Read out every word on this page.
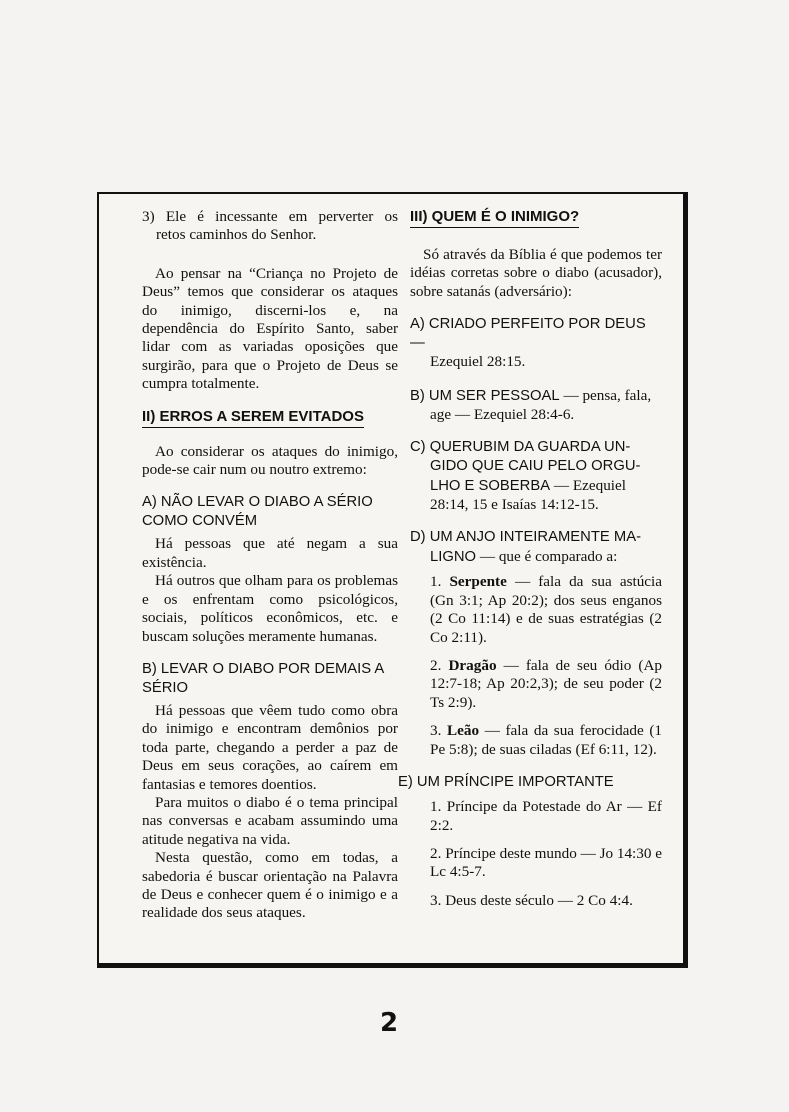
3) Ele é incessante em perverter os

retos caminhos do Senhor.

Ao pensar na “Criança no Projeto de Deus” temos que considerar os ataques do inimigo, discerni-los e, na dependência do Espírito Santo, saber lidar com as variadas oposições que surgirão, para que o Projeto de Deus se cumpra totalmente.

II) ERROS A SEREM EVITADOS

Ao considerar os ataques do inimigo, pode-se cair num ou noutro extremo:

A) NÃO LEVAR O DIABO A SÉRIO

COMO CONVÉM

Há pessoas que até negam a sua existência.

Há outros que olham para os problemas e os enfrentam como psicológicos, sociais, políticos econômicos, etc. e buscam soluções meramente humanas.

B) LEVAR O DIABO POR DEMAIS A

SÉRIO

Há pessoas que vêem tudo como obra do inimigo e encontram demônios por toda parte, chegando a perder a paz de Deus em seus corações, ao caírem em fantasias e temores doentios.

Para muitos o diabo é o tema principal nas conversas e acabam assumindo uma atitude negativa na vida.

Nesta questão, como em todas, a sabedoria é buscar orientação na Palavra de Deus e conhecer quem é o inimigo e a realidade dos seus ataques.

III) QUEM É O INIMIGO?

Só através da Bíblia é que podemos ter idéias corretas sobre o diabo (acusador), sobre satanás (adversário):

A) CRIADO PERFEITO POR DEUS —

Ezequiel 28:15.

B) UM SER PESSOAL — pensa, fala,

age — Ezequiel 28:4-6.

C) QUERUBIM DA GUARDA UN-

GIDO QUE CAIU PELO ORGU-

LHO E SOBERBA — Ezequiel

28:14, 15 e Isaías 14:12-15.

D) UM ANJO INTEIRAMENTE MA-

LIGNO — que é comparado a:

1. Serpente — fala da sua astúcia (Gn 3:1; Ap 20:2); dos seus enganos (2 Co 11:14) e de suas estratégias (2 Co 2:11).

2. Dragão — fala de seu ódio (Ap 12:7-18; Ap 20:2,3); de seu poder (2 Ts 2:9).

3. Leão — fala da sua ferocidade (1 Pe 5:8); de suas ciladas (Ef 6:11, 12).

E) UM PRÍNCIPE IMPORTANTE

1. Príncipe da Potestade do Ar — Ef 2:2.

2. Príncipe deste mundo — Jo 14:30 e Lc 4:5-7.

3. Deus deste século — 2 Co 4:4.

2
